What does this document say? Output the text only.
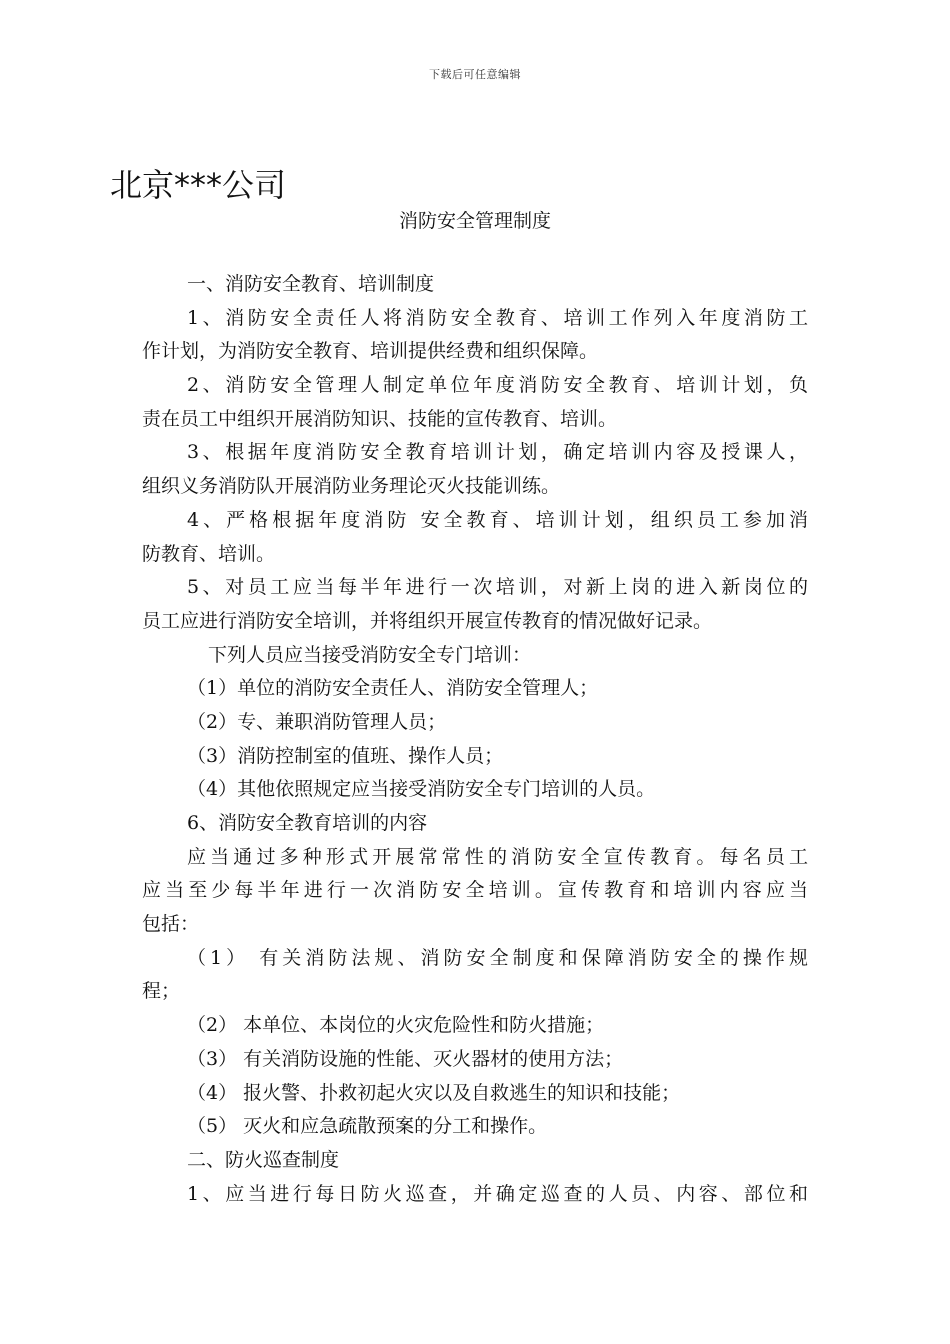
下载后可任意编辑
北京***公司
消防安全管理制度
一、消防安全教育、培训制度
1、消防安全责任人将消防安全教育、培训工作列入年度消防工
作计划，为消防安全教育、培训提供经费和组织保障。
2、消防安全管理人制定单位年度消防安全教育、培训计划，负
责在员工中组织开展消防知识、技能的宣传教育、培训。
3、根据年度消防安全教育培训计划，确定培训内容及授课人，
组织义务消防队开展消防业务理论灭火技能训练。
4、严格根据年度消防 安全教育、培训计划，组织员工参加消
防教育、培训。
5、对员工应当每半年进行一次培训，对新上岗的进入新岗位的
员工应进行消防安全培训，并将组织开展宣传教育的情况做好记录。
下列人员应当接受消防安全专门培训：
（1）单位的消防安全责任人、消防安全管理人；
（2）专、兼职消防管理人员；
（3）消防控制室的值班、操作人员；
（4）其他依照规定应当接受消防安全专门培训的人员。
6、消防安全教育培训的内容
应当通过多种形式开展常常性的消防安全宣传教育。每名员工
应当至少每半年进行一次消防安全培训。宣传教育和培训内容应当
包括：
（1） 有关消防法规、消防安全制度和保障消防安全的操作规
程；
（2） 本单位、本岗位的火灾危险性和防火措施；
（3） 有关消防设施的性能、灭火器材的使用方法；
（4） 报火警、扑救初起火灾以及自救逃生的知识和技能；
（5） 灭火和应急疏散预案的分工和操作。
二、防火巡查制度
1、应当进行每日防火巡查，并确定巡查的人员、内容、部位和
